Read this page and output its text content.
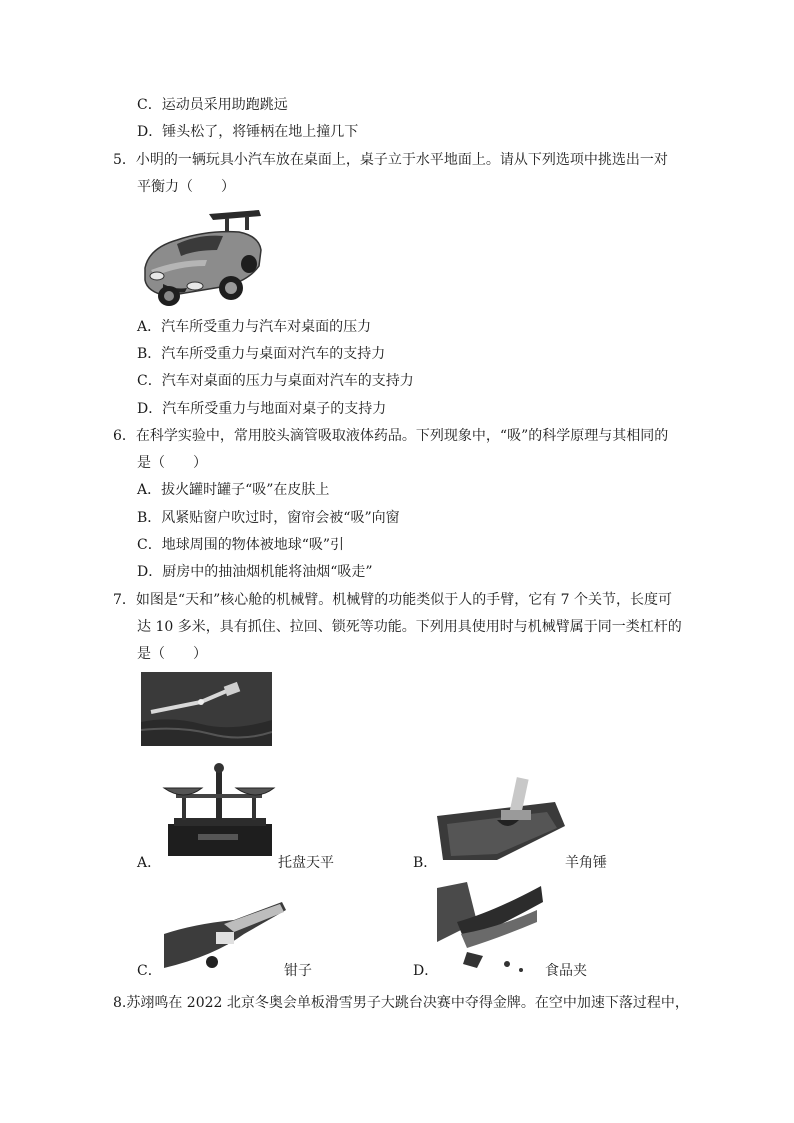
C．运动员采用助跑跳远
D．锤头松了，将锤柄在地上撞几下
5．小明的一辆玩具小汽车放在桌面上，桌子立于水平地面上。请从下列选项中挑选出一对
平衡力（　　）
A．汽车所受重力与汽车对桌面的压力
B．汽车所受重力与桌面对汽车的支持力
C．汽车对桌面的压力与桌面对汽车的支持力
D．汽车所受重力与地面对桌子的支持力
6．在科学实验中，常用胶头滴管吸取液体药品。下列现象中，“吸”的科学原理与其相同的
是（　　）
A．拔火罐时罐子“吸”在皮肤上
B．风紧贴窗户吹过时，窗帘会被“吸”向窗
C．地球周围的物体被地球“吸”引
D．厨房中的抽油烟机能将油烟“吸走”
7．如图是“天和”核心舱的机械臂。机械臂的功能类似于人的手臂，它有 7 个关节，长度可
达 10 多米，具有抓住、拉回、锁死等功能。下列用具使用时与机械臂属于同一类杠杆的
是（　　）
A．	托盘天平	B．	羊角锤
C．	钳子	D．	食品夹
8.苏翊鸣在 2022 北京冬奥会单板滑雪男子大跳台决赛中夺得金牌。在空中加速下落过程中，
